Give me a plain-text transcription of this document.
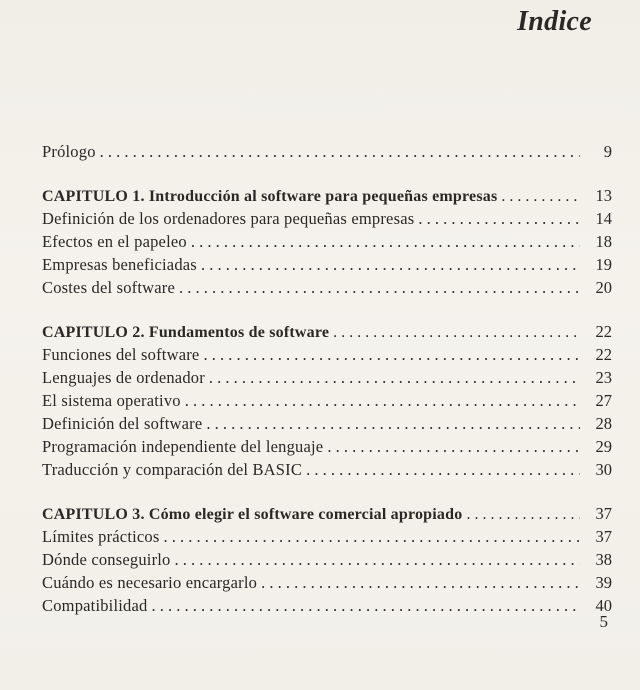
Indice
Prólogo . . .	9
CAPITULO 1. Introducción al software para pequeñas empresas . . .	13
Definición de los ordenadores para pequeñas empresas . . .	14
Efectos en el papeleo . . .	18
Empresas beneficiadas . . .	19
Costes del software . . .	20
CAPITULO 2. Fundamentos de software . . .	22
Funciones del software . . .	22
Lenguajes de ordenador . . .	23
El sistema operativo . . .	27
Definición del software . . .	28
Programación independiente del lenguaje . . .	29
Traducción y comparación del BASIC . . .	30
CAPITULO 3. Cómo elegir el software comercial apropiado . . .	37
Límites prácticos . . .	37
Dónde conseguirlo . . .	38
Cuándo es necesario encargarlo . . .	39
Compatibilidad . . .	40

5
